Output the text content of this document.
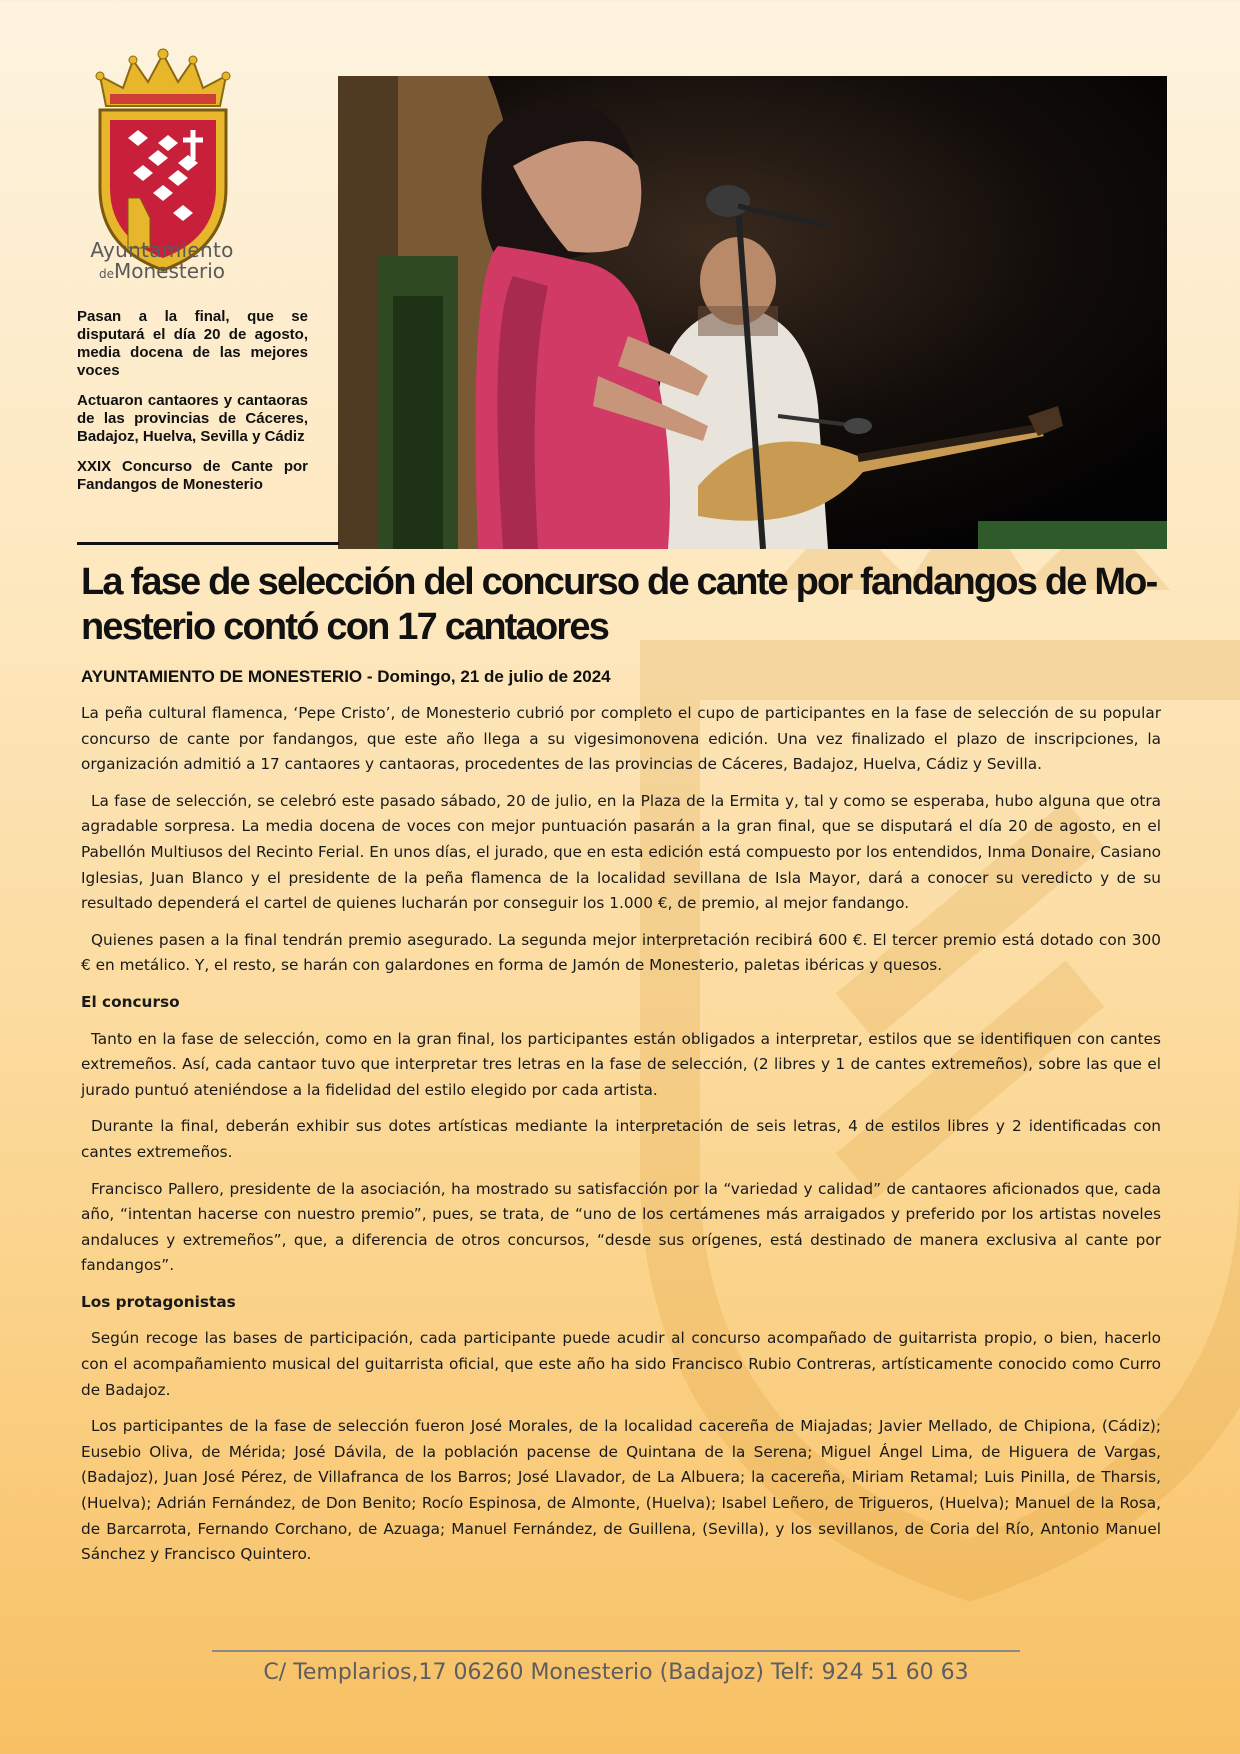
Ayuntamiento
deMonesterio

Pasan a la final, que se disputará el día 20 de agosto, media docena de las mejores voces

Actuaron cantaores y cantaoras de las provincias de Cáceres, Badajoz, Huelva, Sevilla y Cádiz

XXIX Concurso de Cante por Fandangos de Monesterio

La fase de selección del concurso de cante por fandangos de Monesterio contó con 17 cantaores

AYUNTAMIENTO DE MONESTERIO - Domingo, 21 de julio de 2024

La peña cultural flamenca, ‘Pepe Cristo’, de Monesterio cubrió por completo el cupo de participantes en la fase de selección de su popular concurso de cante por fandangos, que este año llega a su vigesimonovena edición. Una vez finalizado el plazo de inscripciones, la organización admitió a 17 cantaores y cantaoras, procedentes de las provincias de Cáceres, Badajoz, Huelva, Cádiz y Sevilla.

La fase de selección, se celebró este pasado sábado, 20 de julio, en la Plaza de la Ermita y, tal y como se esperaba, hubo alguna que otra agradable sorpresa. La media docena de voces con mejor puntuación pasarán a la gran final, que se disputará el día 20 de agosto, en el Pabellón Multiusos del Recinto Ferial. En unos días, el jurado, que en esta edición está compuesto por los entendidos, Inma Donaire, Casiano Iglesias, Juan Blanco y el presidente de la peña flamenca de la localidad sevillana de Isla Mayor, dará a conocer su veredicto y de su resultado dependerá el cartel de quienes lucharán por conseguir los 1.000 €, de premio, al mejor fandango.

Quienes pasen a la final tendrán premio asegurado. La segunda mejor interpretación recibirá 600 €. El tercer premio está dotado con 300 € en metálico. Y, el resto, se harán con galardones en forma de Jamón de Monesterio, paletas ibéricas y quesos.

El concurso

Tanto en la fase de selección, como en la gran final, los participantes están obligados a interpretar, estilos que se identifiquen con cantes extremeños. Así, cada cantaor tuvo que interpretar tres letras en la fase de selección, (2 libres y 1 de cantes extremeños), sobre las que el jurado puntuó ateniéndose a la fidelidad del estilo elegido por cada artista.

Durante la final, deberán exhibir sus dotes artísticas mediante la interpretación de seis letras, 4 de estilos libres y 2 identificadas con cantes extremeños.

Francisco Pallero, presidente de la asociación, ha mostrado su satisfacción por la “variedad y calidad” de cantaores aficionados que, cada año, “intentan hacerse con nuestro premio”, pues, se trata, de “uno de los certámenes más arraigados y preferido por los artistas noveles andaluces y extremeños”, que, a diferencia de otros concursos, “desde sus orígenes, está destinado de manera exclusiva al cante por fandangos”.

Los protagonistas

Según recoge las bases de participación, cada participante puede acudir al concurso acompañado de guitarrista propio, o bien, hacerlo con el acompañamiento musical del guitarrista oficial, que este año ha sido Francisco Rubio Contreras, artísticamente conocido como Curro de Badajoz.

Los participantes de la fase de selección fueron José Morales, de la localidad cacereña de Miajadas; Javier Mellado, de Chipiona, (Cádiz); Eusebio Oliva, de Mérida; José Dávila, de la población pacense de Quintana de la Serena; Miguel Ángel Lima, de Higuera de Vargas, (Badajoz), Juan José Pérez, de Villafranca de los Barros; José Llavador, de La Albuera; la cacereña, Miriam Retamal; Luis Pinilla, de Tharsis, (Huelva); Adrián Fernández, de Don Benito; Rocío Espinosa, de Almonte, (Huelva); Isabel Leñero, de Trigueros, (Huelva); Manuel de la Rosa, de Barcarrota, Fernando Corchano, de Azuaga; Manuel Fernández, de Guillena, (Sevilla), y los sevillanos, de Coria del Río, Antonio Manuel Sánchez y Francisco Quintero.

C/ Templarios,17 06260 Monesterio (Badajoz) Telf: 924 51 60 63
